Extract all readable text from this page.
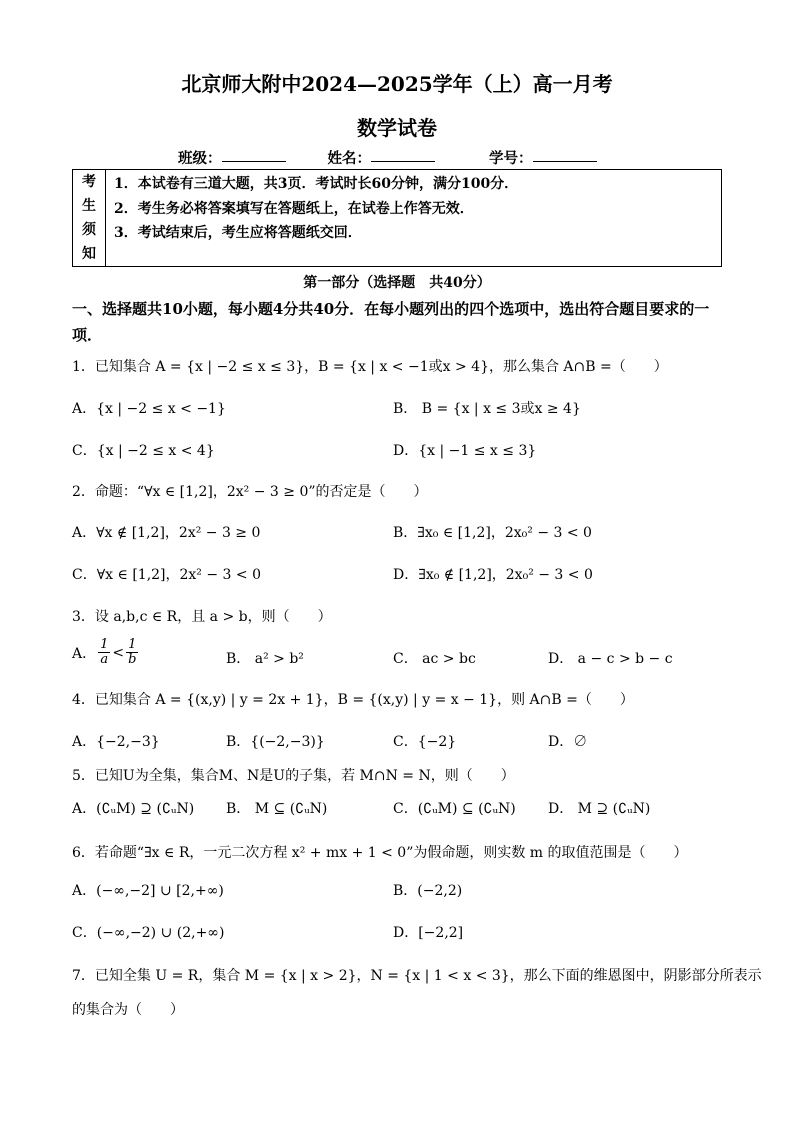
北京师大附中2024—2025学年（上）高一月考
数学试卷
班级：	姓名：	学号：
考
生
须
知

1．本试卷有三道大题，共3页．考试时长60分钟，满分100分．
2．考生务必将答案填写在答题纸上，在试卷上作答无效．
3．考试结束后，考生应将答题纸交回．
第一部分（选择题 共40分）
一、选择题共10小题，每小题4分共40分．在每小题列出的四个选项中，选出符合题目要求的一项．
1．已知集合 A = {x | −2 ≤ x ≤ 3}，B = {x | x < −1或x > 4}，那么集合 A∩B =（　　）
A．{x | −2 ≤ x < −1}	B． B = {x | x ≤ 3或x ≥ 4}
C．{x | −2 ≤ x < 4}	D．{x | −1 ≤ x ≤ 3}
2．命题：“∀x ∈ [1,2]，2x² − 3 ≥ 0”的否定是（　　）
A．∀x ∉ [1,2]，2x² − 3 ≥ 0	B．∃x₀ ∈ [1,2]，2x₀² − 3 < 0
C．∀x ∈ [1,2]，2x² − 3 < 0	D．∃x₀ ∉ [1,2]，2x₀² − 3 < 0
3．设 a,b,c ∈ R，且 a > b，则（　　）
A． $\frac{1}{a} < \frac{1}{b}$	B． a² > b²	C． ac > bc	D． a − c > b − c
4．已知集合 A = {(x,y) | y = 2x + 1}，B = {(x,y) | y = x − 1}，则 A∩B =（　　）
A．{−2,−3}	B．{(−2,−3)}	C．{−2}	D．∅
5．已知U为全集，集合M、N是U的子集，若 M∩N = N，则（　　）
A．(∁ᵤM) ⊇ (∁ᵤN) B． M ⊆ (∁ᵤN)	C．(∁ᵤM) ⊆ (∁ᵤN) D． M ⊇ (∁ᵤN)
6．若命题“∃x ∈ R，一元二次方程 x² + mx + 1 < 0”为假命题，则实数 m 的取值范围是（　　）
A．(−∞,−2] ∪ [2,+∞)	B．(−2,2)
C．(−∞,−2) ∪ (2,+∞)	D．[−2,2]
7．已知全集 U = R，集合 M = {x | x > 2}，N = {x | 1 < x < 3}，那么下面的维恩图中，阴影部分所表示
的集合为（　　）
